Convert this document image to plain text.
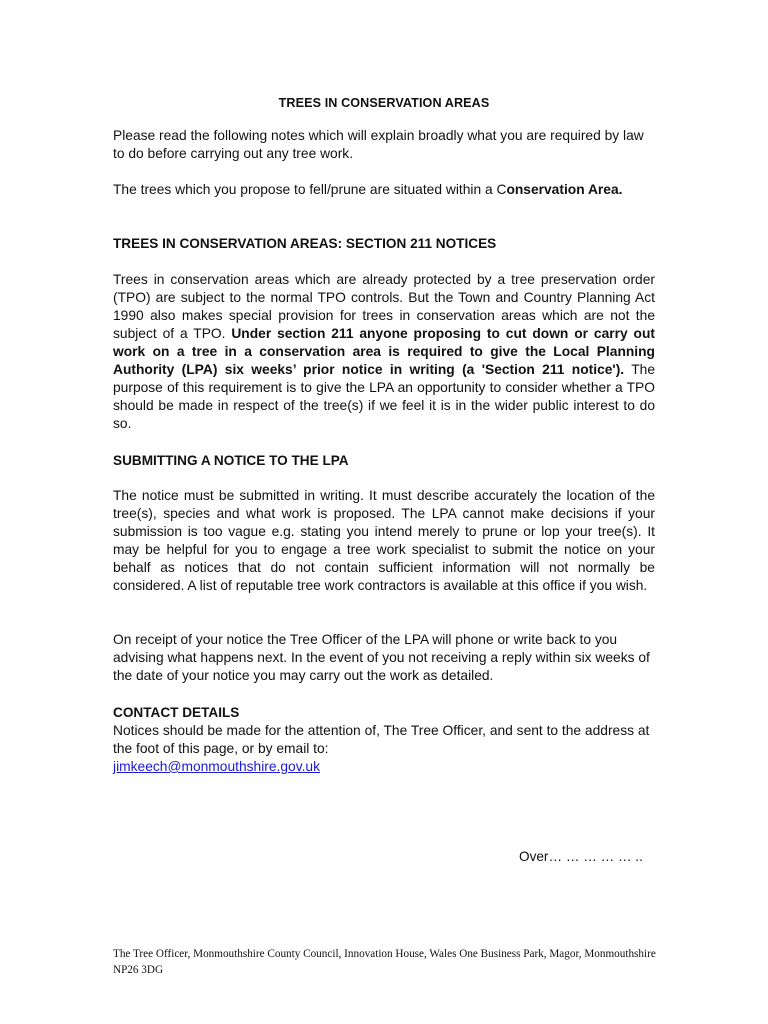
TREES IN CONSERVATION AREAS

Please read the following notes which will explain broadly what you are required by law to do before carrying out any tree work.

The trees which you propose to fell/prune are situated within a Conservation Area.

TREES IN CONSERVATION AREAS: SECTION 211 NOTICES

Trees in conservation areas which are already protected by a tree preservation order (TPO) are subject to the normal TPO controls. But the Town and Country Planning Act 1990 also makes special provision for trees in conservation areas which are not the subject of a TPO. Under section 211 anyone proposing to cut down or carry out work on a tree in a conservation area is required to give the Local Planning Authority (LPA) six weeks’ prior notice in writing (a 'Section 211 notice'). The purpose of this requirement is to give the LPA an opportunity to consider whether a TPO should be made in respect of the tree(s) if we feel it is in the wider public interest to do so.

SUBMITTING A NOTICE TO THE LPA

The notice must be submitted in writing. It must describe accurately the location of the tree(s), species and what work is proposed. The LPA cannot make decisions if your submission is too vague e.g. stating you intend merely to prune or lop your tree(s). It may be helpful for you to engage a tree work specialist to submit the notice on your behalf as notices that do not contain sufficient information will not normally be considered. A list of reputable tree work contractors is available at this office if you wish.

On receipt of your notice the Tree Officer of the LPA will phone or write back to you advising what happens next. In the event of you not receiving a reply within six weeks of the date of your notice you may carry out the work as detailed.

CONTACT DETAILS

Notices should be made for the attention of, The Tree Officer, and sent to the address at the foot of this page, or by email to:

jimkeech@monmouthshire.gov.uk

Over… … … … … ..
The Tree Officer, Monmouthshire County Council, Innovation House, Wales One Business Park, Magor, Monmouthshire NP26 3DG
